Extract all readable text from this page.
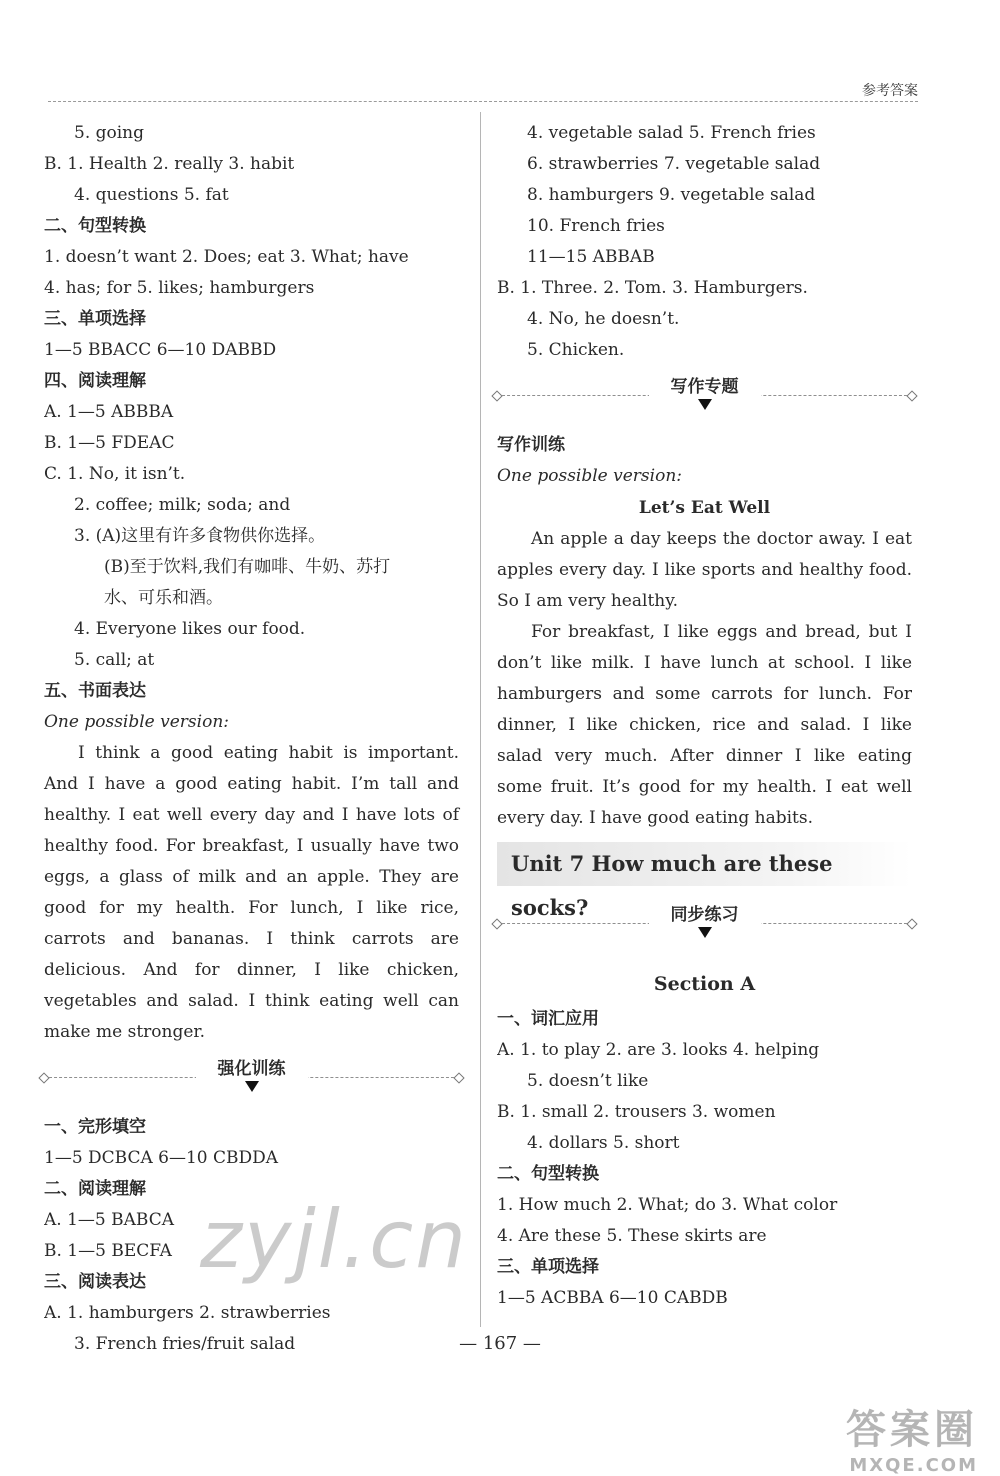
参考答案
5. going
B. 1. Health 2. really 3. habit
4. questions 5. fat
二、句型转换
1. doesn’t want 2. Does; eat 3. What; have
4. has; for 5. likes; hamburgers
三、单项选择
1—5 BBACC 6—10 DABBD
四、阅读理解
A. 1—5 ABBBA
B. 1—5 FDEAC
C. 1. No, it isn’t.
2. coffee; milk; soda; and
3. (A)这里有许多食物供你选择。
(B)至于饮料,我们有咖啡、牛奶、苏打
水、可乐和酒。
4. Everyone likes our food.
5. call; at
五、书面表达
One possible version:

I think a good eating habit is important. And I have a good eating habit. I’m tall and healthy. I eat well every day and I have lots of healthy food. For breakfast, I usually have two eggs, a glass of milk and an apple. They are good for my health. For lunch, I like rice, carrots and bananas. I think carrots are delicious. And for dinner, I like chicken, vegetables and salad. I think eating well can make me stronger.

强化训练
一、完形填空
1—5 DCBCA 6—10 CBDDA
二、阅读理解
A. 1—5 BABCA
B. 1—5 BECFA
三、阅读表达
A. 1. hamburgers 2. strawberries
3. French fries/fruit salad
4. vegetable salad 5. French fries
6. strawberries 7. vegetable salad
8. hamburgers 9. vegetable salad
10. French fries
11—15 ABBAB
B. 1. Three. 2. Tom. 3. Hamburgers.
4. No, he doesn’t.
5. Chicken.
写作专题
写作训练
One possible version:
Let’s Eat Well

An apple a day keeps the doctor away. I eat apples every day. I like sports and healthy food. So I am very healthy.

For breakfast, I like eggs and bread, but I don’t like milk. I have lunch at school. I like hamburgers and some carrots for lunch. For dinner, I like chicken, rice and salad. I like salad very much. After dinner I like eating some fruit. It’s good for my health. I eat well every day. I have good eating habits.

Unit 7 How much are these socks?	同步练习
Section A
一、词汇应用
A. 1. to play 2. are 3. looks 4. helping
5. doesn’t like
B. 1. small 2. trousers 3. women
4. dollars 5. short
二、句型转换
1. How much 2. What; do 3. What color
4. Are these 5. These skirts are
三、单项选择
1—5 ACBBA 6—10 CABDB
— 167 —
zyjl.cn
答案圈
MXQE.COM
